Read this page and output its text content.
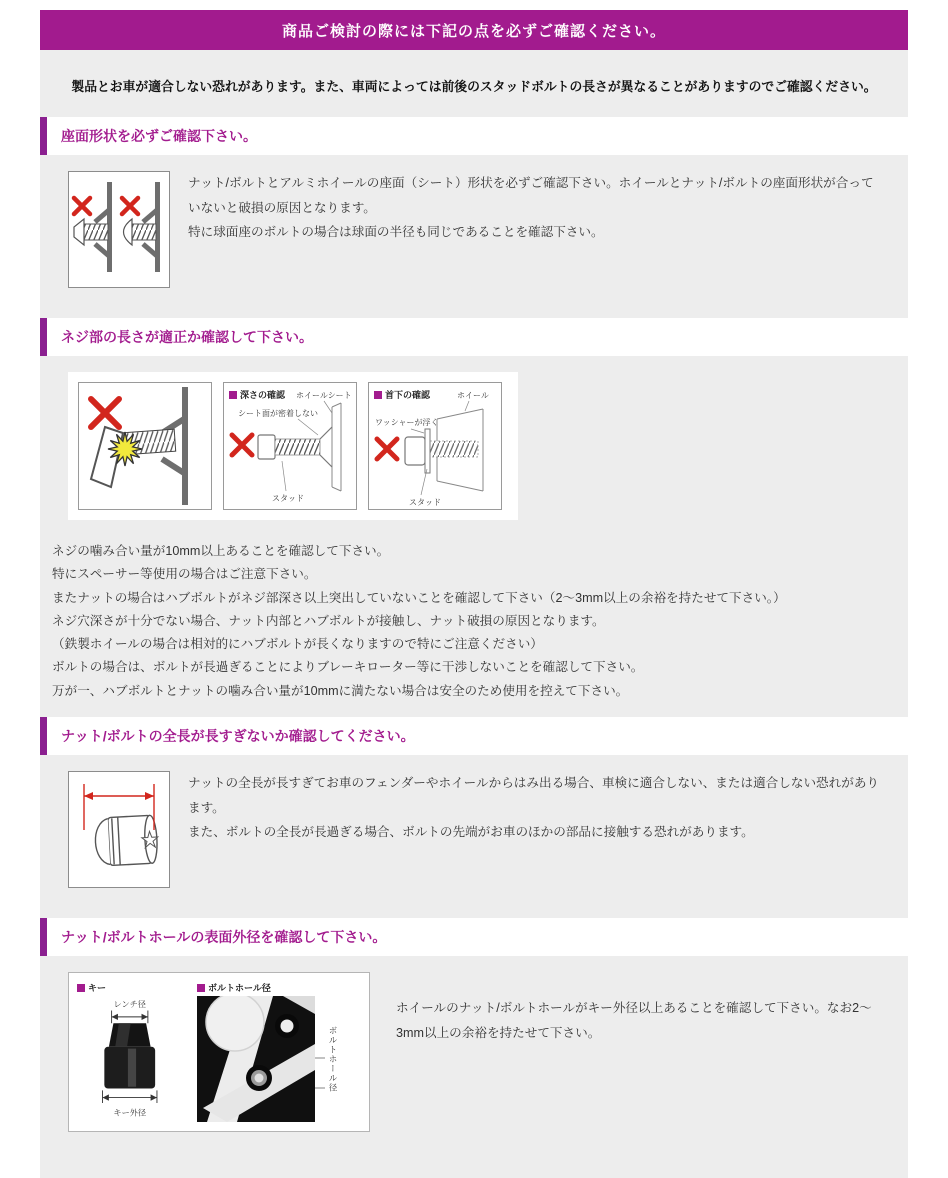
商品ご検討の際には下記の点を必ずご確認ください。
製品とお車が適合しない恐れがあります。また、車両によっては前後のスタッドボルトの長さが異なることがありますのでご確認ください。
座面形状を必ずご確認下さい。

ナット/ボルトとアルミホイールの座面（シート）形状を必ずご確認下さい。ホイールとナット/ボルトの座面形状が合っていないと破損の原因となります。

特に球面座のボルトの場合は球面の半径も同じであることを確認下さい。

ネジ部の長さが適正か確認して下さい。
深さの確認
シート面が密着しない
ホイールシート
スタッド
首下の確認
ワッシャーが浮く
ホイール
スタッド
ネジの噛み合い量が10mm以上あることを確認して下さい。
特にスペーサー等使用の場合はご注意下さい。
またナットの場合はハブボルトがネジ部深さ以上突出していないことを確認して下さい（2～3mm以上の余裕を持たせて下さい。）
ネジ穴深さが十分でない場合、ナット内部とハブボルトが接触し、ナット破損の原因となります。
（鉄製ホイールの場合は相対的にハブボルトが長くなりますので特にご注意ください）
ボルトの場合は、ボルトが長過ぎることによりブレーキローター等に干渉しないことを確認して下さい。
万が一、ハブボルトとナットの噛み合い量が10mmに満たない場合は安全のため使用を控えて下さい。
ナット/ボルトの全長が長すぎないか確認してください。

ナットの全長が長すぎてお車のフェンダーやホイールからはみ出る場合、車検に適合しない、または適合しない恐れがあります。

また、ボルトの全長が長過ぎる場合、ボルトの先端がお車のほかの部品に接触する恐れがあります。

ナット/ボルトホールの表面外径を確認して下さい。
キー
レンチ径
キー外径
ボルトホール径
ボルトホール径
ホイールのナット/ボルトホールがキー外径以上あることを確認して下さい。なお2～3mm以上の余裕を持たせて下さい。
